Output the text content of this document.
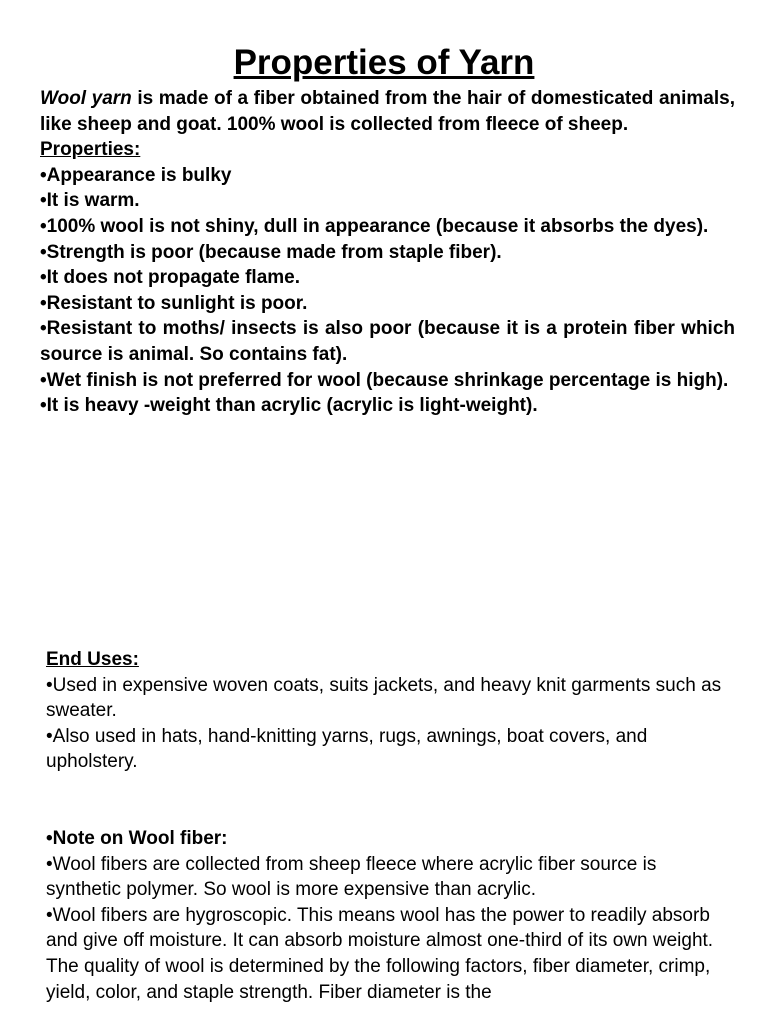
Properties of Yarn

Wool yarn is made of a fiber obtained from the hair of domesticated animals, like sheep and goat. 100% wool is collected from fleece of sheep.

Properties:

•Appearance is bulky

•It is warm.

•100% wool is not shiny, dull in appearance (because it absorbs the dyes).

•Strength is poor (because made from staple fiber).

•It does not propagate flame.

•Resistant to sunlight is poor.

•Resistant to moths/ insects is also poor (because it is a protein fiber which source is animal. So contains fat).

•Wet finish is not preferred for wool (because shrinkage percentage is high).

•It is heavy -weight than acrylic (acrylic is light-weight).

End Uses:

•Used in expensive woven coats, suits jackets, and heavy knit garments such as sweater.

•Also used in hats, hand-knitting yarns, rugs, awnings, boat covers, and upholstery.

•Note on Wool fiber:

•Wool fibers are collected from sheep fleece where acrylic fiber source is synthetic polymer. So wool is more expensive than acrylic.

•Wool fibers are hygroscopic. This means wool has the power to readily absorb and give off moisture. It can absorb moisture almost one-third of its own weight.

The quality of wool is determined by the following factors, fiber diameter, crimp, yield, color, and staple strength. Fiber diameter is the
